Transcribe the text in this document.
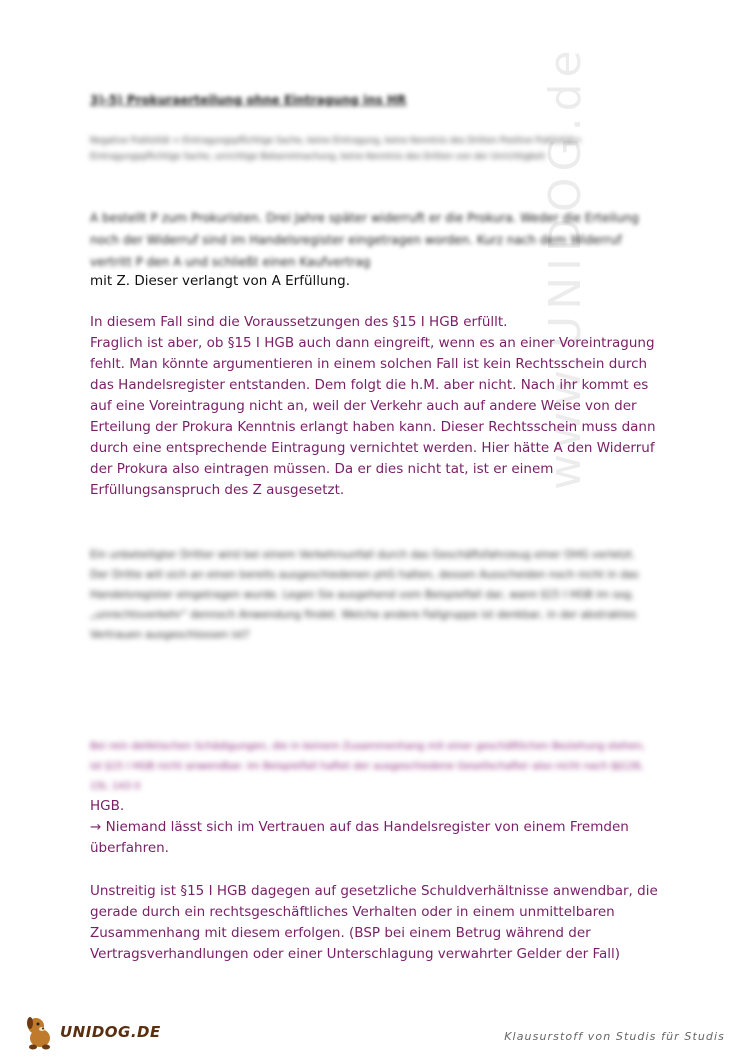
www.UNIDOG.de
3)-5) Prokuraerteilung ohne Eintragung ins HR
Negative Publizität = Eintragungspflichtige Sache, keine Eintragung, keine Kenntnis des Dritten Positive Publizität= Eintragungspflichtige Sache, unrichtige Bekanntmachung, keine Kenntnis des Dritten von der Unrichtigkeit
A bestellt P zum Prokuristen. Drei Jahre später widerruft er die Prokura. Weder die Erteilung noch der Widerruf sind im Handelsregister eingetragen worden. Kurz nach dem Widerruf vertritt P den A und schließt einen Kaufvertrag
mit Z. Dieser verlangt von A Erfüllung.

In diesem Fall sind die Voraussetzungen des §15 I HGB erfüllt.

Fraglich ist aber, ob §15 I HGB auch dann eingreift, wenn es an einer Voreintragung fehlt. Man könnte argumentieren in einem solchen Fall ist kein Rechtsschein durch das Handelsregister entstanden. Dem folgt die h.M. aber nicht. Nach ihr kommt es auf eine Voreintragung nicht an, weil der Verkehr auch auf andere Weise von der Erteilung der Prokura Kenntnis erlangt haben kann. Dieser Rechtsschein muss dann durch eine entsprechende Eintragung vernichtet werden. Hier hätte A den Widerruf der Prokura also eintragen müssen. Da er dies nicht tat, ist er einem Erfüllungsanspruch des Z ausgesetzt.

Ein unbeteiligter Dritter wird bei einem Verkehrsunfall durch das Geschäftsfahrzeug einer OHG verletzt. Der Dritte will sich an einen bereits ausgeschiedenen phG halten, dessen Ausscheiden noch nicht in das Handelsregister eingetragen wurde. Legen Sie ausgehend vom Beispielfall dar, wann §15 I HGB im sog. „unrechtsverkehr“ dennoch Anwendung findet. Welche andere Fallgruppe ist denkbar, in der abstraktes Vertrauen ausgeschlossen ist?
Bei rein deliktischen Schädigungen, die in keinem Zusammenhang mit einer geschäftlichen Beziehung stehen, ist §15 I HGB nicht anwendbar. Im Beispielfall haftet der ausgeschiedene Gesellschafter also nicht nach §§128, 15I, 143 II

HGB.

→ Niemand lässt sich im Vertrauen auf das Handelsregister von einem Fremden überfahren.

Unstreitig ist §15 I HGB dagegen auf gesetzliche Schuldverhältnisse anwendbar, die gerade durch ein rechtsgeschäftliches Verhalten oder in einem unmittelbaren Zusammenhang mit diesem erfolgen. (BSP bei einem Betrug während der Vertragsverhandlungen oder einer Unterschlagung verwahrter Gelder der Fall)
UNIDOG.DE	Klausurstoff von Studis für Studis
